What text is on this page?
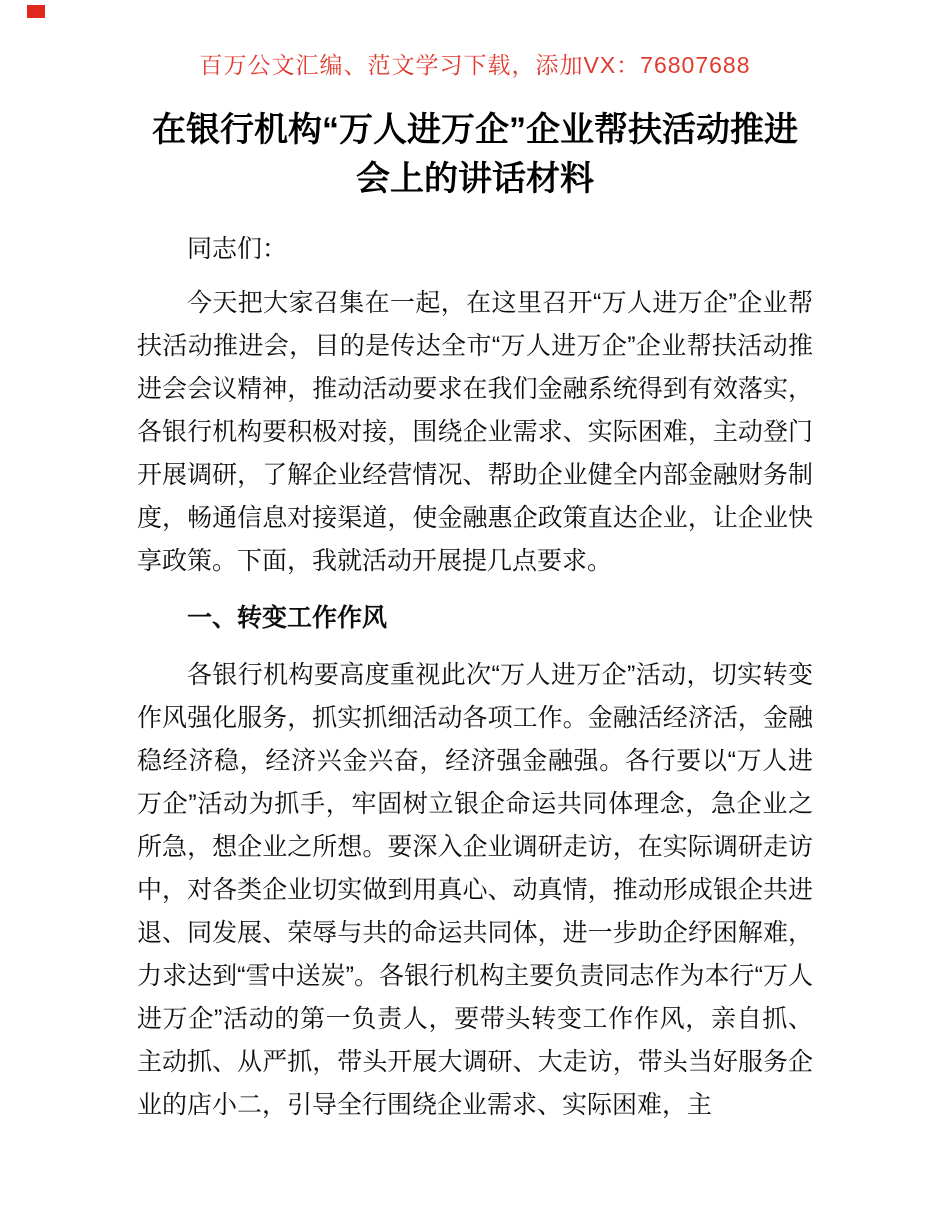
百万公文汇编、范文学习下载，添加VX：76807688
在银行机构“万人进万企”企业帮扶活动推进会上的讲话材料

同志们：

今天把大家召集在一起，在这里召开“万人进万企”企业帮扶活动推进会，目的是传达全市“万人进万企”企业帮扶活动推进会会议精神，推动活动要求在我们金融系统得到有效落实，各银行机构要积极对接，围绕企业需求、实际困难，主动登门开展调研，了解企业经营情况、帮助企业健全内部金融财务制度，畅通信息对接渠道，使金融惠企政策直达企业，让企业快享政策。下面，我就活动开展提几点要求。

一、转变工作作风

各银行机构要高度重视此次“万人进万企”活动，切实转变作风强化服务，抓实抓细活动各项工作。金融活经济活，金融稳经济稳，经济兴金兴奋，经济强金融强。各行要以“万人进万企”活动为抓手，牢固树立银企命运共同体理念，急企业之所急，想企业之所想。要深入企业调研走访，在实际调研走访中，对各类企业切实做到用真心、动真情，推动形成银企共进退、同发展、荣辱与共的命运共同体，进一步助企纾困解难，力求达到“雪中送炭”。各银行机构主要负责同志作为本行“万人进万企”活动的第一负责人，要带头转变工作作风，亲自抓、主动抓、从严抓，带头开展大调研、大走访，带头当好服务企业的店小二，引导全行围绕企业需求、实际困难，主
